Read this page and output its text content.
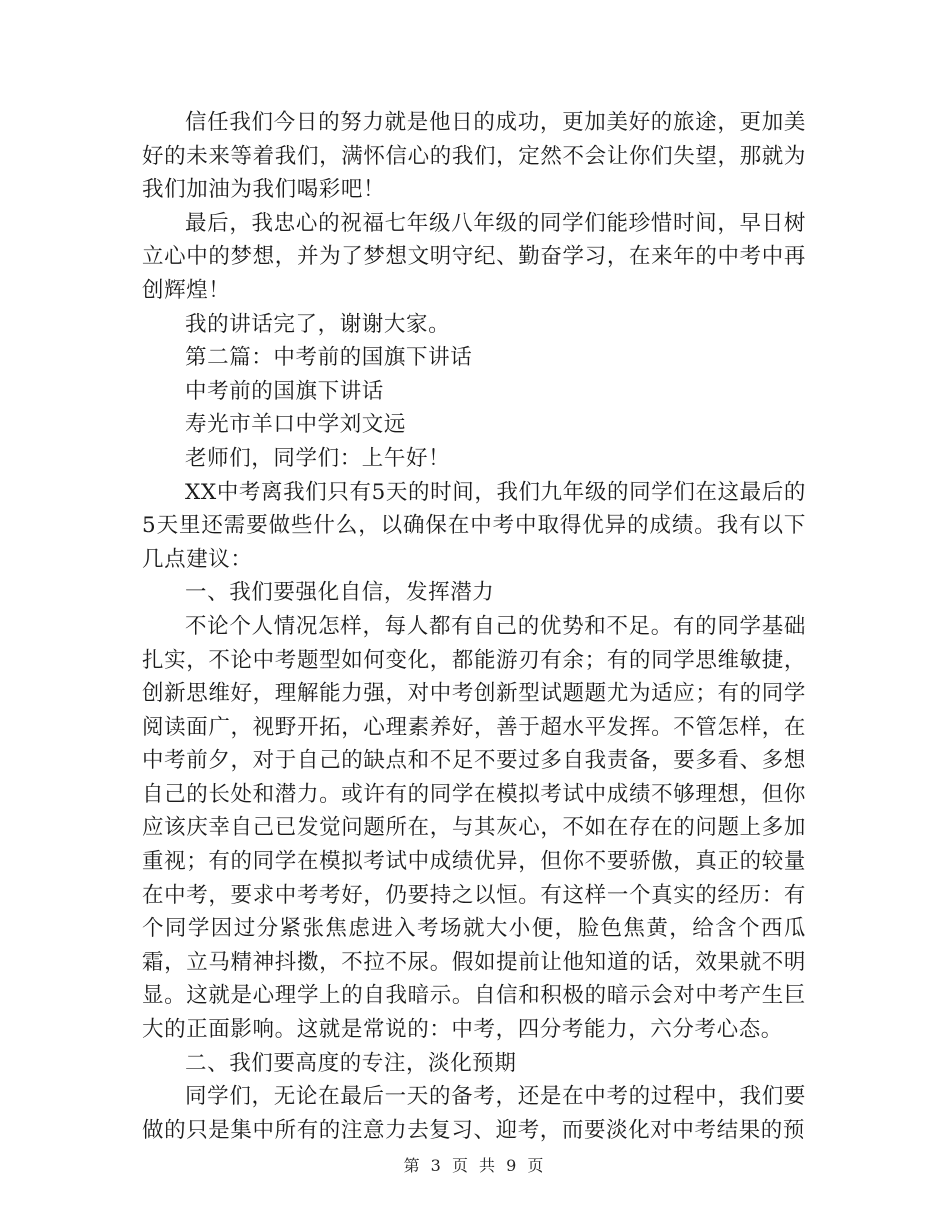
信任我们今日的努力就是他日的成功，更加美好的旅途，更加美好的未来等着我们，满怀信心的我们，定然不会让你们失望，那就为我们加油为我们喝彩吧！

最后，我忠心的祝福七年级八年级的同学们能珍惜时间，早日树立心中的梦想，并为了梦想文明守纪、勤奋学习，在来年的中考中再创辉煌！

我的讲话完了，谢谢大家。

第二篇：中考前的国旗下讲话

中考前的国旗下讲话

寿光市羊口中学刘文远

老师们，同学们：上午好！

XX中考离我们只有5天的时间，我们九年级的同学们在这最后的5天里还需要做些什么，以确保在中考中取得优异的成绩。我有以下几点建议：

一、我们要强化自信，发挥潜力

不论个人情况怎样，每人都有自己的优势和不足。有的同学基础扎实，不论中考题型如何变化，都能游刃有余；有的同学思维敏捷，创新思维好，理解能力强，对中考创新型试题题尤为适应；有的同学阅读面广，视野开拓，心理素养好，善于超水平发挥。不管怎样，在中考前夕，对于自己的缺点和不足不要过多自我责备，要多看、多想自己的长处和潜力。或许有的同学在模拟考试中成绩不够理想，但你应该庆幸自己已发觉问题所在，与其灰心，不如在存在的问题上多加重视；有的同学在模拟考试中成绩优异，但你不要骄傲，真正的较量在中考，要求中考考好，仍要持之以恒。有这样一个真实的经历：有个同学因过分紧张焦虑进入考场就大小便，脸色焦黄，给含个西瓜霜，立马精神抖擞，不拉不尿。假如提前让他知道的话，效果就不明显。这就是心理学上的自我暗示。自信和积极的暗示会对中考产生巨大的正面影响。这就是常说的：中考，四分考能力，六分考心态。

二、我们要高度的专注，淡化预期

同学们，无论在最后一天的备考，还是在中考的过程中，我们要做的只是集中所有的注意力去复习、迎考，而要淡化对中考结果的预

第 3 页 共 9 页
